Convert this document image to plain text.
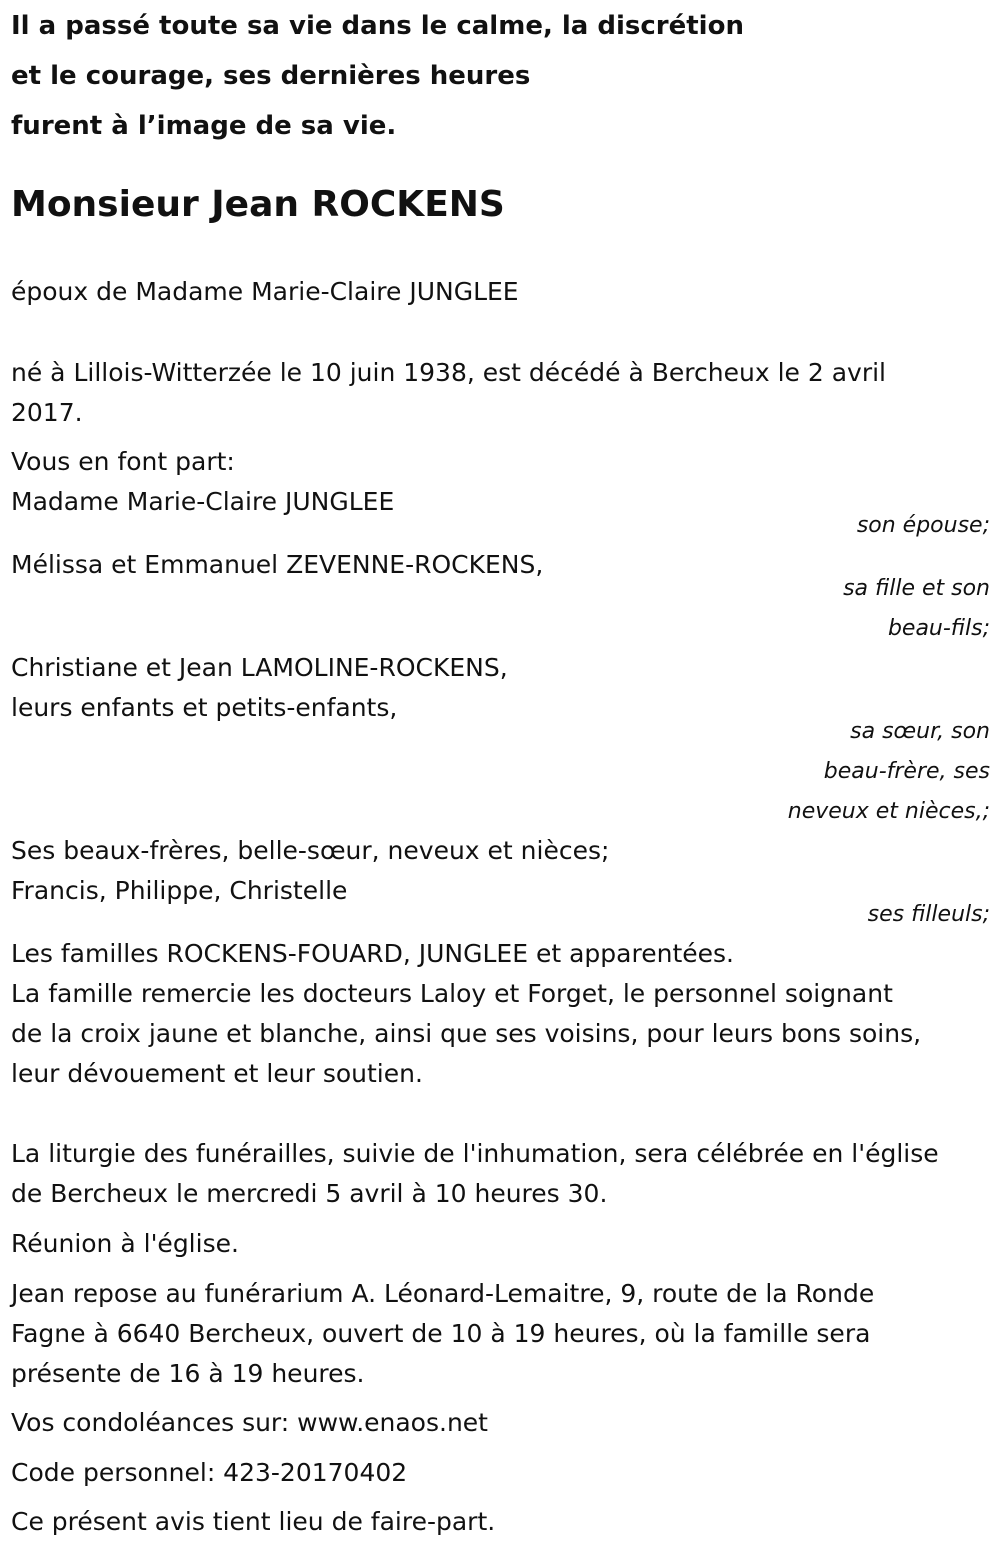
Il a passé toute sa vie dans le calme, la discrétion
et le courage, ses dernières heures
furent à l’image de sa vie.
Monsieur Jean ROCKENS
époux de Madame Marie-Claire JUNGLEE
né à Lillois-Witterzée le 10 juin 1938, est décédé à Bercheux le 2 avril
2017.
Vous en font part:
Madame Marie-Claire JUNGLEE
son épouse;
Mélissa et Emmanuel ZEVENNE-ROCKENS,
sa fille et son
beau-fils;
Christiane et Jean LAMOLINE-ROCKENS,
leurs enfants et petits-enfants,
sa sœur, son
beau-frère, ses
neveux et nièces,;
Ses beaux-frères, belle-sœur, neveux et nièces;
Francis, Philippe, Christelle
ses filleuls;
Les familles ROCKENS-FOUARD, JUNGLEE et apparentées.
La famille remercie les docteurs Laloy et Forget, le personnel soignant
de la croix jaune et blanche, ainsi que ses voisins, pour leurs bons soins,
leur dévouement et leur soutien.
La liturgie des funérailles, suivie de l'inhumation, sera célébrée en l'église
de Bercheux le mercredi 5 avril à 10 heures 30.
Réunion à l'église.
Jean repose au funérarium A. Léonard-Lemaitre, 9, route de la Ronde
Fagne à 6640 Bercheux, ouvert de 10 à 19 heures, où la famille sera
présente de 16 à 19 heures.
Vos condoléances sur: www.enaos.net
Code personnel: 423-20170402
Ce présent avis tient lieu de faire-part.
